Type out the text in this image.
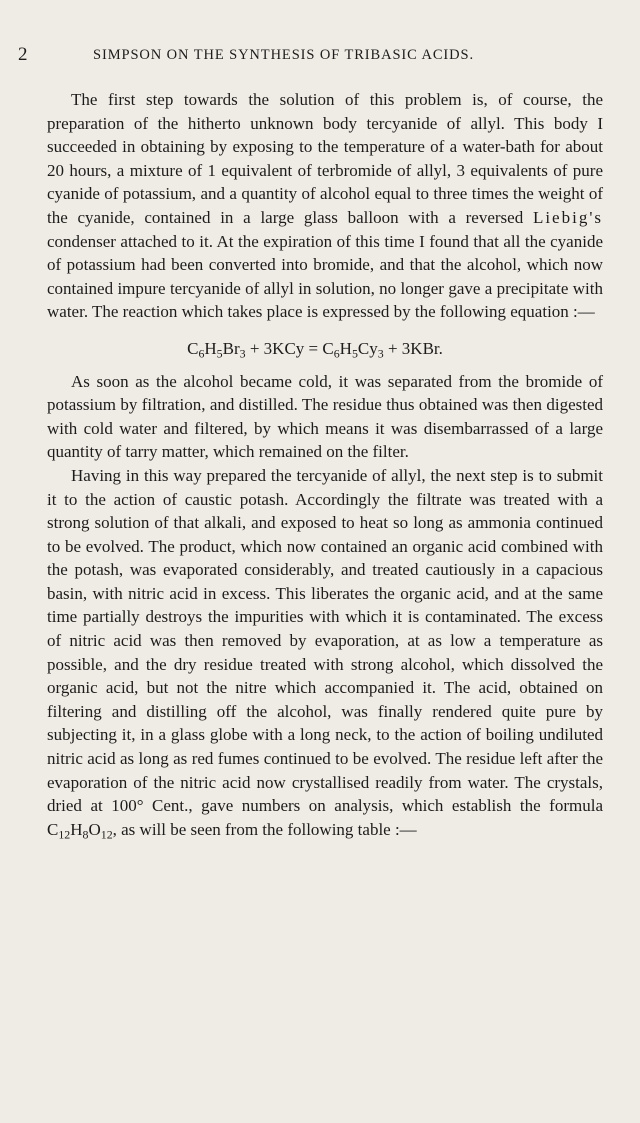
2	SIMPSON ON THE SYNTHESIS OF TRIBASIC ACIDS.

The first step towards the solution of this problem is, of course, the preparation of the hitherto unknown body tercyanide of allyl. This body I succeeded in obtaining by exposing to the temperature of a water-bath for about 20 hours, a mixture of 1 equivalent of terbromide of allyl, 3 equivalents of pure cyanide of potassium, and a quantity of alcohol equal to three times the weight of the cyanide, contained in a large glass balloon with a reversed Liebig's condenser attached to it. At the expiration of this time I found that all the cyanide of potassium had been converted into bromide, and that the alcohol, which now contained impure tercyanide of allyl in solution, no longer gave a precipitate with water. The reaction which takes place is expressed by the following equation :—

$C_6H_5Br_3 + 3KCy = C_6H_5Cy_3 + 3KBr$.

As soon as the alcohol became cold, it was separated from the bromide of potassium by filtration, and distilled. The residue thus obtained was then digested with cold water and filtered, by which means it was disembarrassed of a large quantity of tarry matter, which remained on the filter.

Having in this way prepared the tercyanide of allyl, the next step is to submit it to the action of caustic potash. Accordingly the filtrate was treated with a strong solution of that alkali, and exposed to heat so long as ammonia continued to be evolved. The product, which now contained an organic acid combined with the potash, was evaporated considerably, and treated cautiously in a capacious basin, with nitric acid in excess. This liberates the organic acid, and at the same time partially destroys the impurities with which it is contaminated. The excess of nitric acid was then removed by evaporation, at as low a temperature as possible, and the dry residue treated with strong alcohol, which dissolved the organic acid, but not the nitre which accompanied it. The acid, obtained on filtering and distilling off the alcohol, was finally rendered quite pure by subjecting it, in a glass globe with a long neck, to the action of boiling undiluted nitric acid as long as red fumes continued to be evolved. The residue left after the evaporation of the nitric acid now crystallised readily from water. The crystals, dried at 100° Cent., gave numbers on analysis, which establish the formula $C_{12}H_8O_{12}$, as will be seen from the following table :—
